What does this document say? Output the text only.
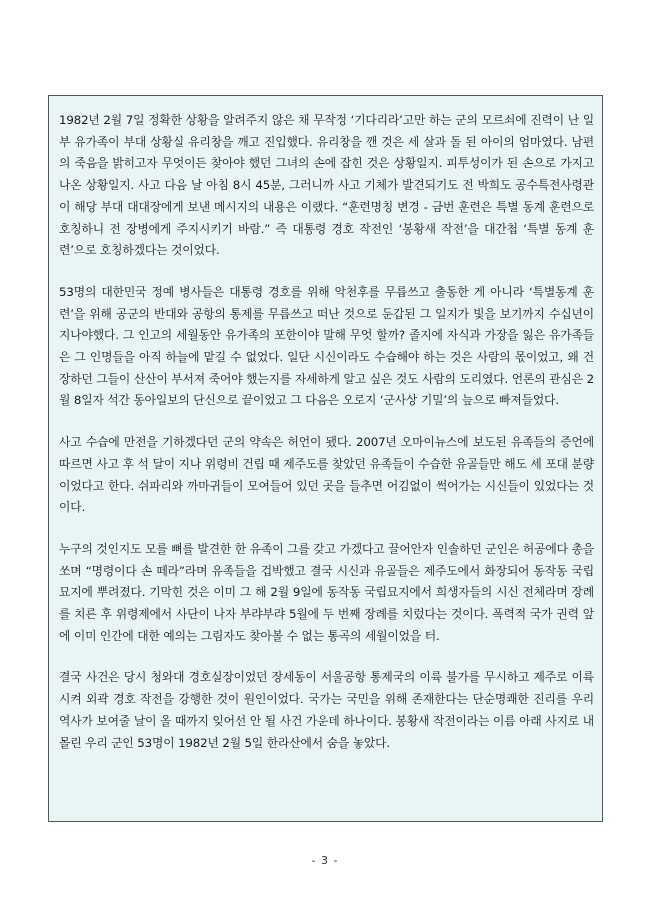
1982년 2월 7일 정확한 상황을 알려주지 않은 채 무작정 ‘기다리라’고만 하는 군의 모르쇠에 진력이 난 일부 유가족이 부대 상황실 유리창을 깨고 진입했다. 유리창을 깬 것은 세 살과 돌 된 아이의 엄마였다. 남편의 죽음을 밝히고자 무엇이든 찾아야 했던 그녀의 손에 잡힌 것은 상황일지. 피투성이가 된 손으로 가지고 나온 상황일지. 사고 다음 날 아침 8시 45분, 그러니까 사고 기체가 발견되기도 전 박희도 공수특전사령관이 해당 부대 대대장에게 보낸 메시지의 내용은 이랬다. “훈련명칭 변경 - 금번 훈련은 특별 동계 훈련으로 호칭하니 전 장병에게 주지시키기 바람.” 즉 대통령 경호 작전인 ‘봉황새 작전’을 대간첩 ‘특별 동계 훈련’으로 호칭하겠다는 것이었다.

53명의 대한민국 정예 병사들은 대통령 경호를 위해 악천후를 무릅쓰고 출동한 게 아니라 ‘특별동계 훈련’을 위해 공군의 반대와 공항의 통제를 무릅쓰고 떠난 것으로 둔갑된 그 일지가 빛을 보기까지 수십년이 지나야했다. 그 인고의 세월동안 유가족의 포한이야 말해 무엇 할까? 졸지에 자식과 가장을 잃은 유가족들은 그 인명들을 아직 하늘에 맡길 수 없었다. 일단 시신이라도 수습해야 하는 것은 사람의 몫이었고, 왜 건장하던 그들이 산산이 부서져 죽어야 했는지를 자세하게 알고 싶은 것도 사람의 도리였다. 언론의 관심은 2월 8일자 석간 동아일보의 단신으로 끝이었고 그 다음은 오로지 ‘군사상 기밀’의 늪으로 빠져들었다.

사고 수습에 만전을 기하겠다던 군의 약속은 허언이 됐다. 2007년 오마이뉴스에 보도된 유족들의 증언에 따르면 사고 후 석 달이 지나 위령비 건립 때 제주도를 찾았던 유족들이 수습한 유골들만 해도 세 포대 분량이었다고 한다. 쉬파리와 까마귀들이 모여들어 있던 곳을 들추면 어김없이 썩어가는 시신들이 있었다는 것이다.

누구의 것인지도 모를 뼈를 발견한 한 유족이 그를 갖고 가겠다고 끌어안자 인솔하던 군인은 허공에다 총을 쏘며 “명령이다 손 떼라”라며 유족들을 겁박했고 결국 시신과 유골들은 제주도에서 화장되어 동작동 국립묘지에 뿌려졌다. 기막힌 것은 이미 그 해 2월 9일에 동작동 국립묘지에서 희생자들의 시신 전체라며 장례를 치른 후 위령제에서 사단이 나자 부랴부랴 5월에 두 번째 장례를 치렀다는 것이다. 폭력적 국가 권력 앞에 이미 인간에 대한 예의는 그림자도 찾아볼 수 없는 통곡의 세월이었을 터.

결국 사건은 당시 청와대 경호실장이었던 장세동이 서울공항 통제국의 이륙 불가를 무시하고 제주로 이륙시켜 외곽 경호 작전을 강행한 것이 원인이었다. 국가는 국민을 위해 존재한다는 단순명쾌한 진리를 우리 역사가 보여줄 날이 올 때까지 잊어선 안 될 사건 가운데 하나이다. 봉황새 작전이라는 이름 아래 사지로 내몰린 우리 군인 53명이 1982년 2월 5일 한라산에서 숨을 놓았다.

- 3 -
